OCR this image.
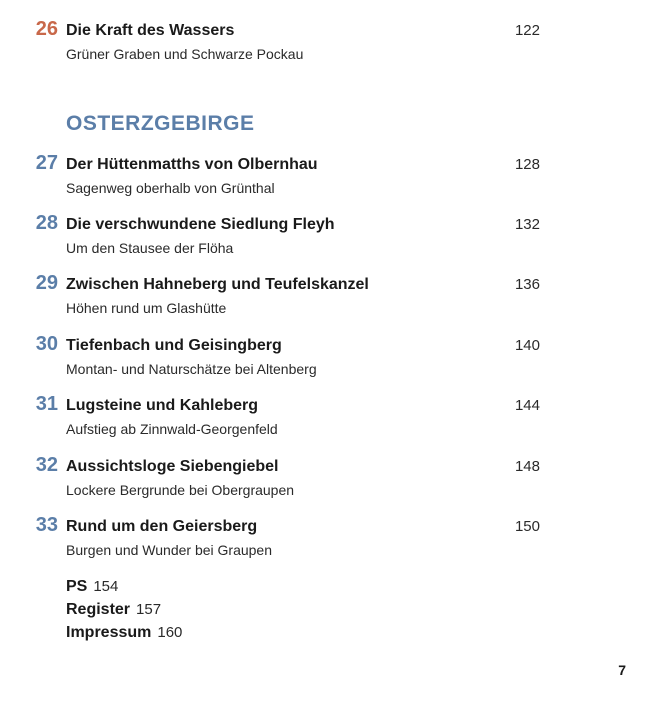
26 Die Kraft des Wassers	122
Grüner Graben und Schwarze Pockau
OSTERZGEBIRGE
27 Der Hüttenmatths von Olbernhau	128
Sagenweg oberhalb von Grünthal
28 Die verschwundene Siedlung Fleyh	132
Um den Stausee der Flöha
29 Zwischen Hahneberg und Teufelskanzel	136
Höhen rund um Glashütte
30 Tiefenbach und Geisingberg	140
Montan- und Naturschätze bei Altenberg
31 Lugsteine und Kahleberg	144
Aufstieg ab Zinnwald-Georgenfeld
32 Aussichtsloge Siebengiebel	148
Lockere Bergrunde bei Obergraupen
33 Rund um den Geiersberg	150
Burgen und Wunder bei Graupen
PS 154
Register 157
Impressum 160
7
